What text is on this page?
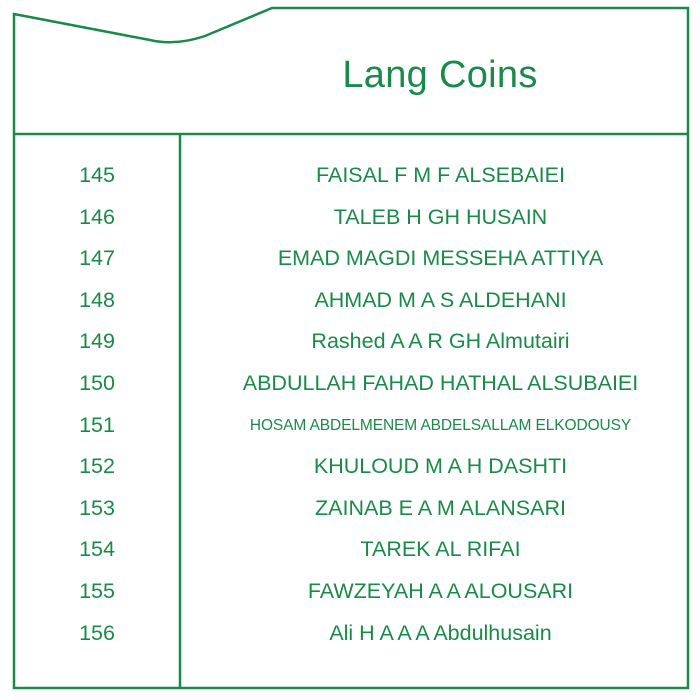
Lang Coins
145
146
147
148
149
150
151
152
153
154
155
156
FAISAL F M F ALSEBAIEI
TALEB H GH HUSAIN
EMAD MAGDI MESSEHA ATTIYA
AHMAD M A S ALDEHANI
Rashed A A R GH Almutairi
ABDULLAH FAHAD HATHAL ALSUBAIEI
HOSAM ABDELMENEM ABDELSALLAM ELKODOUSY
KHULOUD M A H DASHTI
ZAINAB E A M ALANSARI
TAREK AL RIFAI
FAWZEYAH A A ALOUSARI
Ali H A A A Abdulhusain
